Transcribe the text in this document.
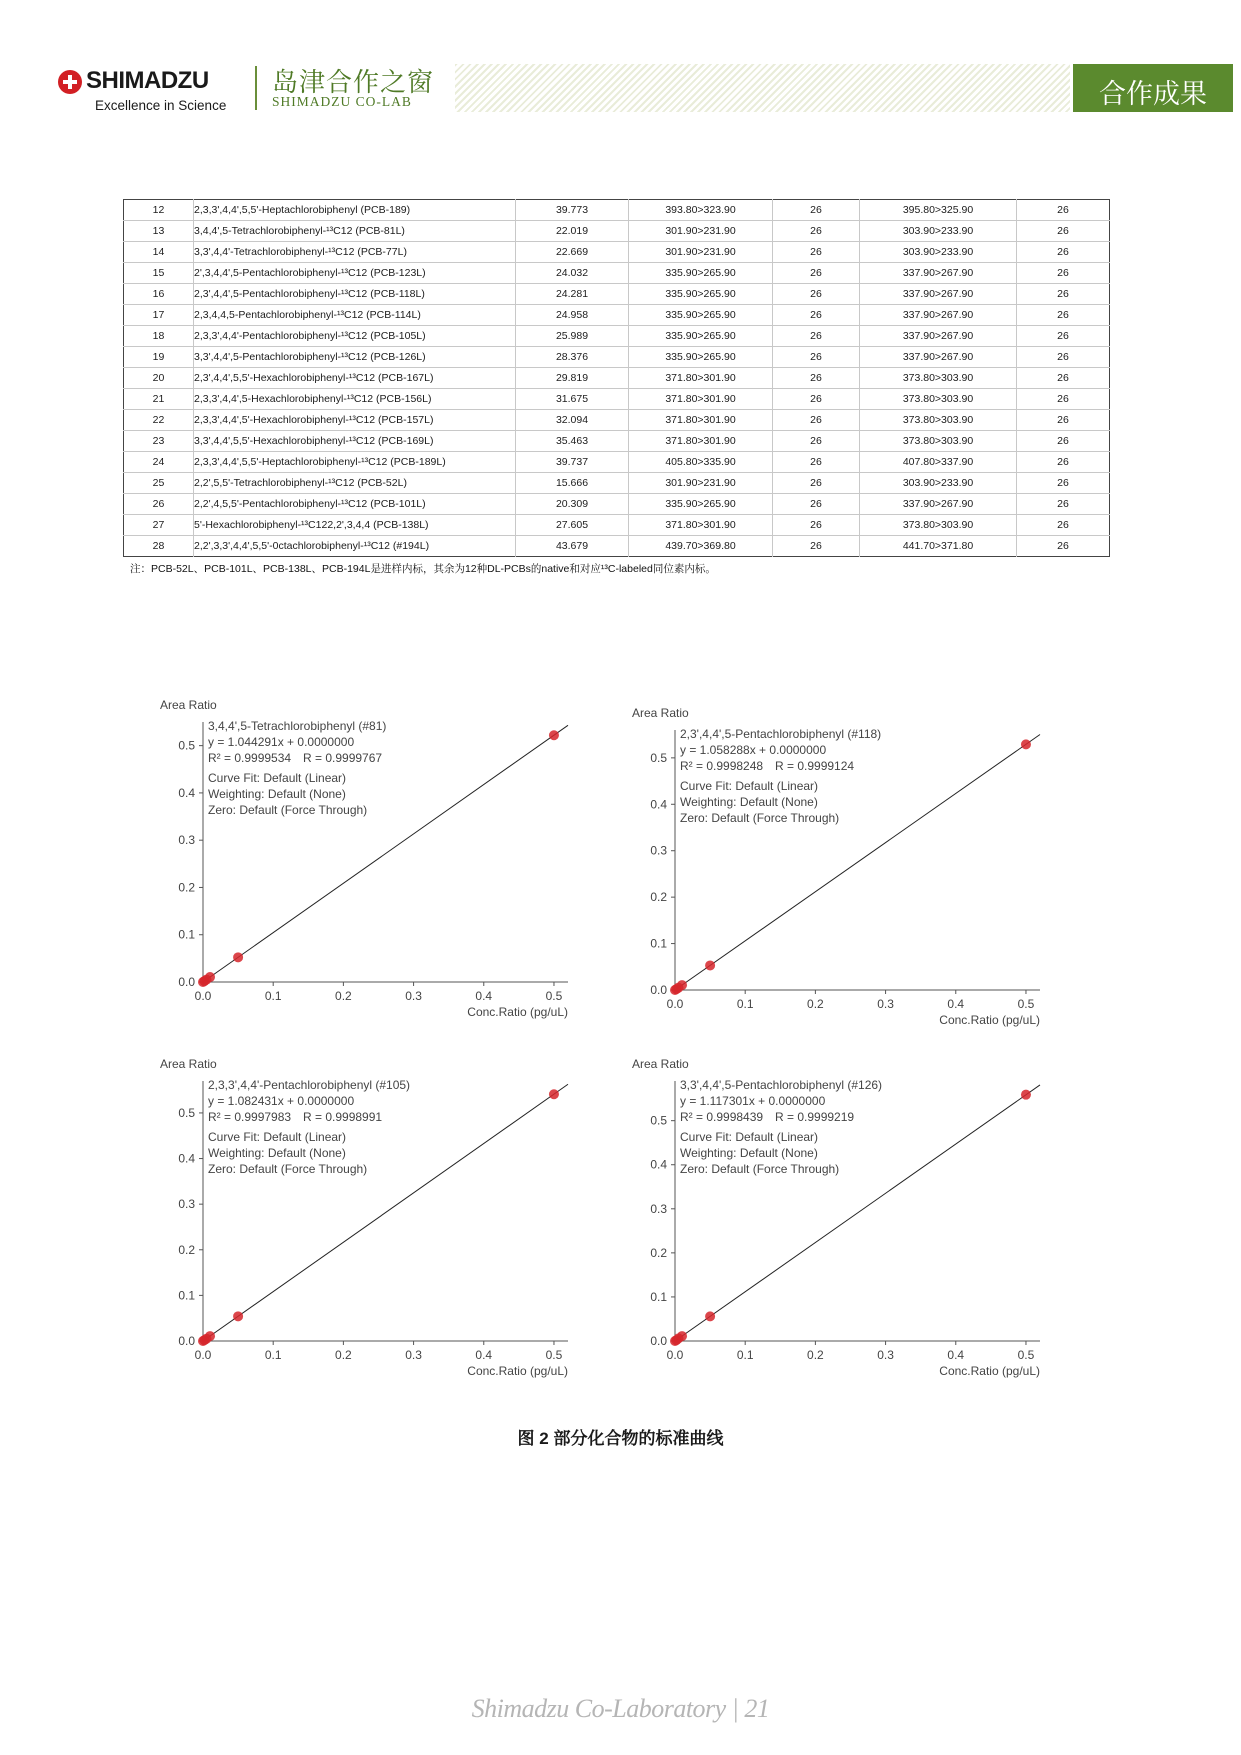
SHIMADZU
Excellence in Science
岛津合作之窗
SHIMADZU CO-LAB	合作成果
12	2,3,3',4,4',5,5'-Heptachlorobiphenyl (PCB-189)	39.773	393.80>323.90	26	395.80>325.90	26
13	3,4,4',5-Tetrachlorobiphenyl-¹³C12 (PCB-81L)	22.019	301.90>231.90	26	303.90>233.90	26
14	3,3',4,4'-Tetrachlorobiphenyl-¹³C12 (PCB-77L)	22.669	301.90>231.90	26	303.90>233.90	26
15	2',3,4,4',5-Pentachlorobiphenyl-¹³C12 (PCB-123L)	24.032	335.90>265.90	26	337.90>267.90	26
16	2,3',4,4',5-Pentachlorobiphenyl-¹³C12 (PCB-118L)	24.281	335.90>265.90	26	337.90>267.90	26
17	2,3,4,4,5-Pentachlorobiphenyl-¹³C12 (PCB-114L)	24.958	335.90>265.90	26	337.90>267.90	26
18	2,3,3',4,4'-Pentachlorobiphenyl-¹³C12 (PCB-105L)	25.989	335.90>265.90	26	337.90>267.90	26
19	3,3',4,4',5-Pentachlorobiphenyl-¹³C12 (PCB-126L)	28.376	335.90>265.90	26	337.90>267.90	26
20	2,3',4,4',5,5'-Hexachlorobiphenyl-¹³C12 (PCB-167L)	29.819	371.80>301.90	26	373.80>303.90	26
21	2,3,3',4,4',5-Hexachlorobiphenyl-¹³C12 (PCB-156L)	31.675	371.80>301.90	26	373.80>303.90	26
22	2,3,3',4,4',5'-Hexachlorobiphenyl-¹³C12 (PCB-157L)	32.094	371.80>301.90	26	373.80>303.90	26
23	3,3',4,4',5,5'-Hexachlorobiphenyl-¹³C12 (PCB-169L)	35.463	371.80>301.90	26	373.80>303.90	26
24	2,3,3',4,4',5,5'-Heptachlorobiphenyl-¹³C12 (PCB-189L)	39.737	405.80>335.90	26	407.80>337.90	26
25	2,2',5,5'-Tetrachlorobiphenyl-¹³C12 (PCB-52L)	15.666	301.90>231.90	26	303.90>233.90	26
26	2,2',4,5,5'-Pentachlorobiphenyl-¹³C12 (PCB-101L)	20.309	335.90>265.90	26	337.90>267.90	26
27	5'-Hexachlorobiphenyl-¹³C122,2',3,4,4 (PCB-138L)	27.605	371.80>301.90	26	373.80>303.90	26
28	2,2',3,3',4,4',5,5'-0ctachlorobiphenyl-¹³C12 (#194L)	43.679	439.70>369.80	26	441.70>371.80	26
注：PCB-52L、PCB-101L、PCB-138L、PCB-194L是进样内标，其余为12种DL-PCBs的native和对应¹³C-labeled同位素内标。
Area Ratio
0.0
0.1
0.2
0.3
0.4
0.5
0.0	0.1	0.2	0.3	0.4	0.5
Conc.Ratio (pg/uL)
3,4,4',5-Tetrachlorobiphenyl (#81)
y = 1.044291x + 0.0000000
R² = 0.9999534 R = 0.9999767
Curve Fit: Default (Linear)
Weighting: Default (None)
Zero: Default (Force Through)
Area Ratio
0.0
0.1
0.2
0.3
0.4
0.5
0.0	0.1	0.2	0.3	0.4	0.5
Conc.Ratio (pg/uL)
2,3',4,4',5-Pentachlorobiphenyl (#118)
y = 1.058288x + 0.0000000
R² = 0.9998248 R = 0.9999124
Curve Fit: Default (Linear)
Weighting: Default (None)
Zero: Default (Force Through)
Area Ratio
0.0
0.1
0.2
0.3
0.4
0.5
0.0	0.1	0.2	0.3	0.4	0.5
Conc.Ratio (pg/uL)
2,3,3',4,4'-Pentachlorobiphenyl (#105)
y = 1.082431x + 0.0000000
R² = 0.9997983 R = 0.9998991
Curve Fit: Default (Linear)
Weighting: Default (None)
Zero: Default (Force Through)
Area Ratio
0.0
0.1
0.2
0.3
0.4
0.5
0.0	0.1	0.2	0.3	0.4	0.5
Conc.Ratio (pg/uL)
3,3',4,4',5-Pentachlorobiphenyl (#126)
y = 1.117301x + 0.0000000
R² = 0.9998439 R = 0.9999219
Curve Fit: Default (Linear)
Weighting: Default (None)
Zero: Default (Force Through)
图 2 部分化合物的标准曲线
Shimadzu Co-Laboratory | 21
